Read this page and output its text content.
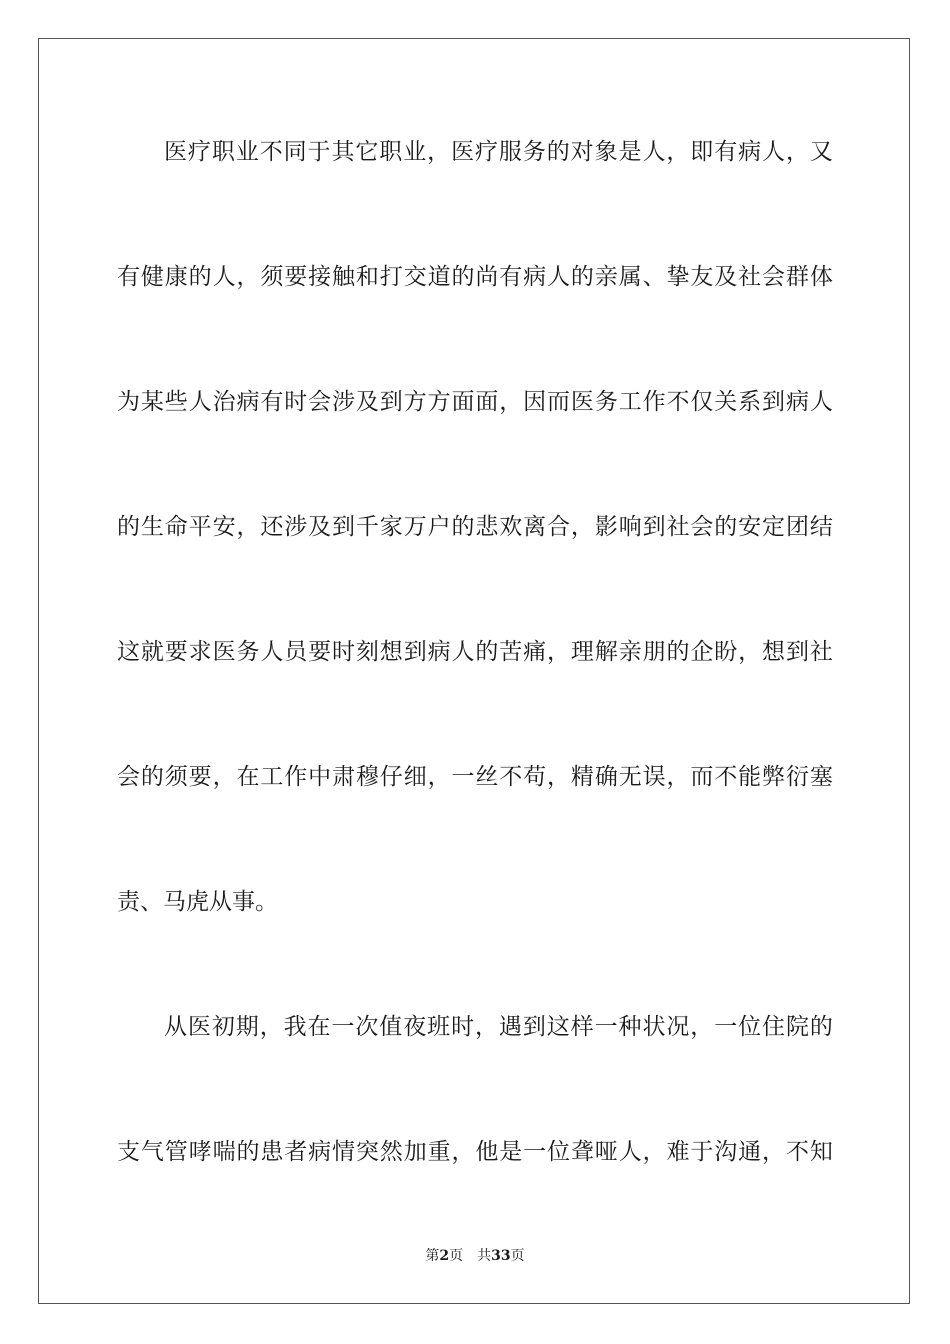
医 疗 职 业 不 同 于 其 它 职 业 ， 医 疗 服 务 的 对 象 是 人 ， 即 有 病 人 ， 又
有 健 康 的 人 ， 须 要 接 触 和 打 交 道 的 尚 有 病 人 的 亲 属 、 挚 友 及 社 会 群 体
为 某 些 人 治 病 有 时 会 涉 及 到 方 方 面 面 ， 因 而 医 务 工 作 不 仅 关 系 到 病 人
的 生 命 平 安 ， 还 涉 及 到 千 家 万 户 的 悲 欢 离 合 ， 影 响 到 社 会 的 安 定 团 结
这 就 要 求 医 务 人 员 要 时 刻 想 到 病 人 的 苦 痛 ， 理 解 亲 朋 的 企 盼 ， 想 到 社
会 的 须 要 ， 在 工 作 中 肃 穆 仔 细 ， 一 丝 不 苟 ， 精 确 无 误 ， 而 不 能 弊 衍 塞
责、马虎从事。
从 医 初 期 ， 我 在 一 次 值 夜 班 时 ， 遇 到 这 样 一 种 状 况 ， 一 位 住 院 的
支 气 管 哮 喘 的 患 者 病 情 突 然 加 重 ， 他 是 一 位 聋 哑 人 ， 难 于 沟 通 ， 不 知
第2页 共33页
